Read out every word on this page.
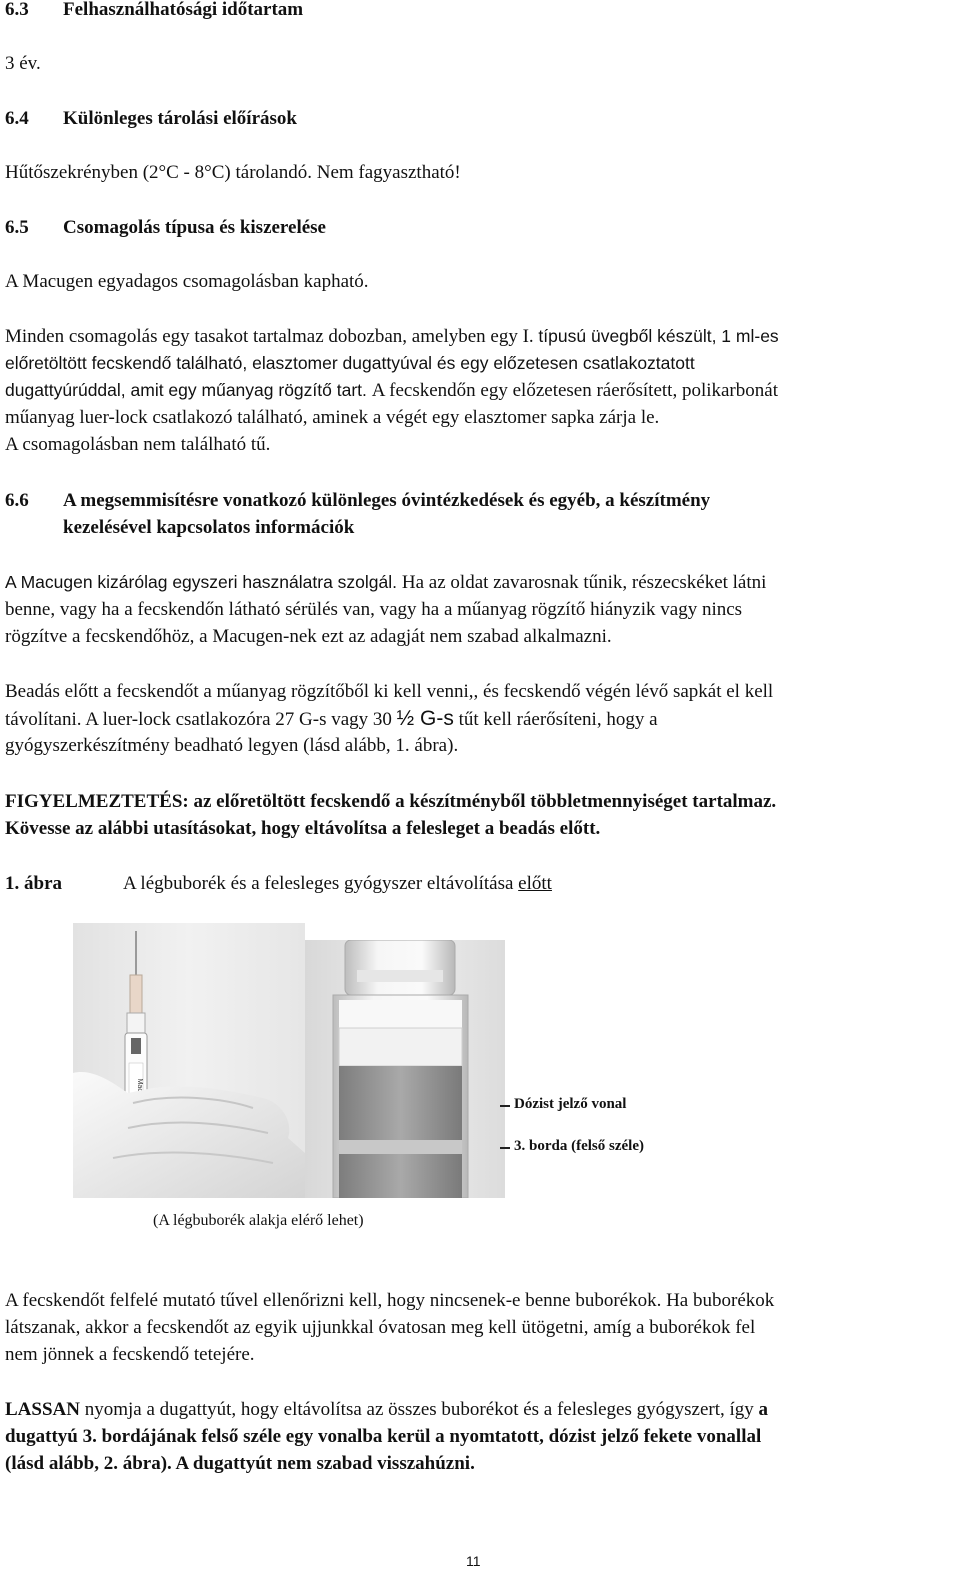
6.3 Felhasználhatósági időtartam
3 év.
6.4 Különleges tárolási előírások
Hűtőszekrényben (2°C - 8°C) tárolandó. Nem fagyasztható!
6.5 Csomagolás típusa és kiszerelése
A Macugen egyadagos csomagolásban kapható.
Minden csomagolás egy tasakot tartalmaz dobozban, amelyben egy I. típusú üvegből készült, 1 ml-es
előretöltött fecskendő található, elasztomer dugattyúval és egy előzetesen csatlakoztatott
dugattyúrúddal, amit egy műanyag rögzítő tart. A fecskendőn egy előzetesen ráerősített, polikarbonát
műanyag luer-lock csatlakozó található, aminek a végét egy elasztomer sapka zárja le.
A csomagolásban nem található tű.
6.6 A megsemmisítésre vonatkozó különleges óvintézkedések és egyéb, a készítmény
kezelésével kapcsolatos információk
A Macugen kizárólag egyszeri használatra szolgál. Ha az oldat zavarosnak tűnik, részecskéket látni
benne, vagy ha a fecskendőn látható sérülés van, vagy ha a műanyag rögzítő hiányzik vagy nincs
rögzítve a fecskendőhöz, a Macugen-nek ezt az adagját nem szabad alkalmazni.
Beadás előtt a fecskendőt a műanyag rögzítőből ki kell venni,, és fecskendő végén lévő sapkát el kell
távolítani. A luer-lock csatlakozóra 27 G-s vagy 30 ½ G-s tűt kell ráerősíteni, hogy a
gyógyszerkészítmény beadható legyen (lásd alább, 1. ábra).
FIGYELMEZTETÉS: az előretöltött fecskendő a készítményből többletmennyiséget tartalmaz.
Kövesse az alábbi utasításokat, hogy eltávolítsa a felesleget a beadás előtt.
1. ábra	A légbuborék és a felesleges gyógyszer eltávolítása előtt
Dózist jelző vonal
3. borda (felső széle)
(A légbuborék alakja elérő lehet)
A fecskendőt felfelé mutató tűvel ellenőrizni kell, hogy nincsenek-e benne buborékok. Ha buborékok
látszanak, akkor a fecskendőt az egyik ujjunkkal óvatosan meg kell ütögetni, amíg a buborékok fel
nem jönnek a fecskendő tetejére.
LASSAN nyomja a dugattyút, hogy eltávolítsa az összes buborékot és a felesleges gyógyszert, így a
dugattyú 3. bordájának felső széle egy vonalba kerül a nyomtatott, dózist jelző fekete vonallal
(lásd alább, 2. ábra). A dugattyút nem szabad visszahúzni.
11
